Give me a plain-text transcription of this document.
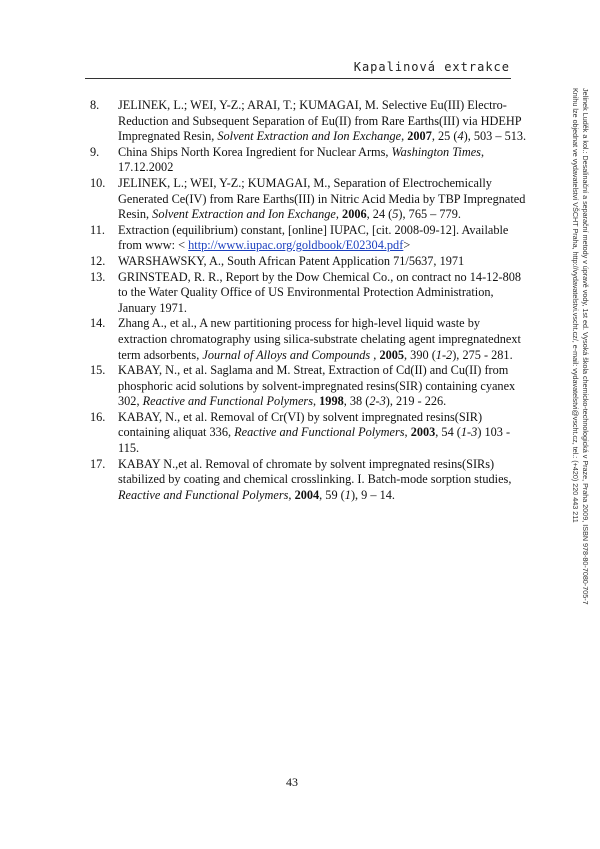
Kapalinová extrakce
8.	JELINEK, L.; WEI, Y-Z.; ARAI, T.; KUMAGAI, M. Selective Eu(III) Electro-Reduction and Subsequent Separation of Eu(II) from Rare Earths(III) via HDEHP Impregnated Resin, Solvent Extraction and Ion Exchange, 2007, 25 (4), 503 – 513.
9.	China Ships North Korea Ingredient for Nuclear Arms, Washington Times, 17.12.2002
10.	JELINEK, L.; WEI, Y-Z.; KUMAGAI, M., Separation of Electrochemically Generated Ce(IV) from Rare Earths(III) in Nitric Acid Media by TBP Impregnated Resin, Solvent Extraction and Ion Exchange, 2006, 24 (5), 765 – 779.
11.	Extraction (equilibrium) constant, [online] IUPAC, [cit. 2008-09-12]. Available from www: < http://www.iupac.org/goldbook/E02304.pdf>
12.	WARSHAWSKY, A., South African Patent Application 71/5637, 1971
13.	GRINSTEAD, R. R., Report by the Dow Chemical Co., on contract no 14-12-808 to the Water Quality Office of US Environmental Protection Administration, January 1971.
14.	Zhang A., et al., A new partitioning process for high-level liquid waste by extraction chromatography using silica-substrate chelating agent impregnatednext term adsorbents, Journal of Alloys and Compounds , 2005, 390 (1-2), 275 - 281.
15.	KABAY, N., et al. Saglama and M. Streat, Extraction of Cd(II) and Cu(II) from phosphoric acid solutions by solvent-impregnated resins(SIR) containing cyanex 302, Reactive and Functional Polymers, 1998, 38 (2-3), 219 - 226.
16.	KABAY, N., et al. Removal of Cr(VI) by solvent impregnated resins(SIR) containing aliquat 336, Reactive and Functional Polymers, 2003, 54 (1-3) 103 - 115.
17.	KABAY N.,et al. Removal of chromate by solvent impregnated resins(SIRs) stabilized by coating and chemical crosslinking. I. Batch-mode sorption studies, Reactive and Functional Polymers, 2004, 59 (1), 9 – 14.	Jelínek Luděk a kol.: Desalinační a separační metody v úpravě vody, 1st ed. Vysoká škola chemicko-technologická v Praze, Praha 2009, ISBN 978-80-7080-705-7
Knihu lze objednat ve vydavatelství VŠCHT Praha, http://vydavatelstvi.vscht.cz/, e-mail: vydavatelstvi@vscht.cz, tel.: (+420) 220 443 211
43
